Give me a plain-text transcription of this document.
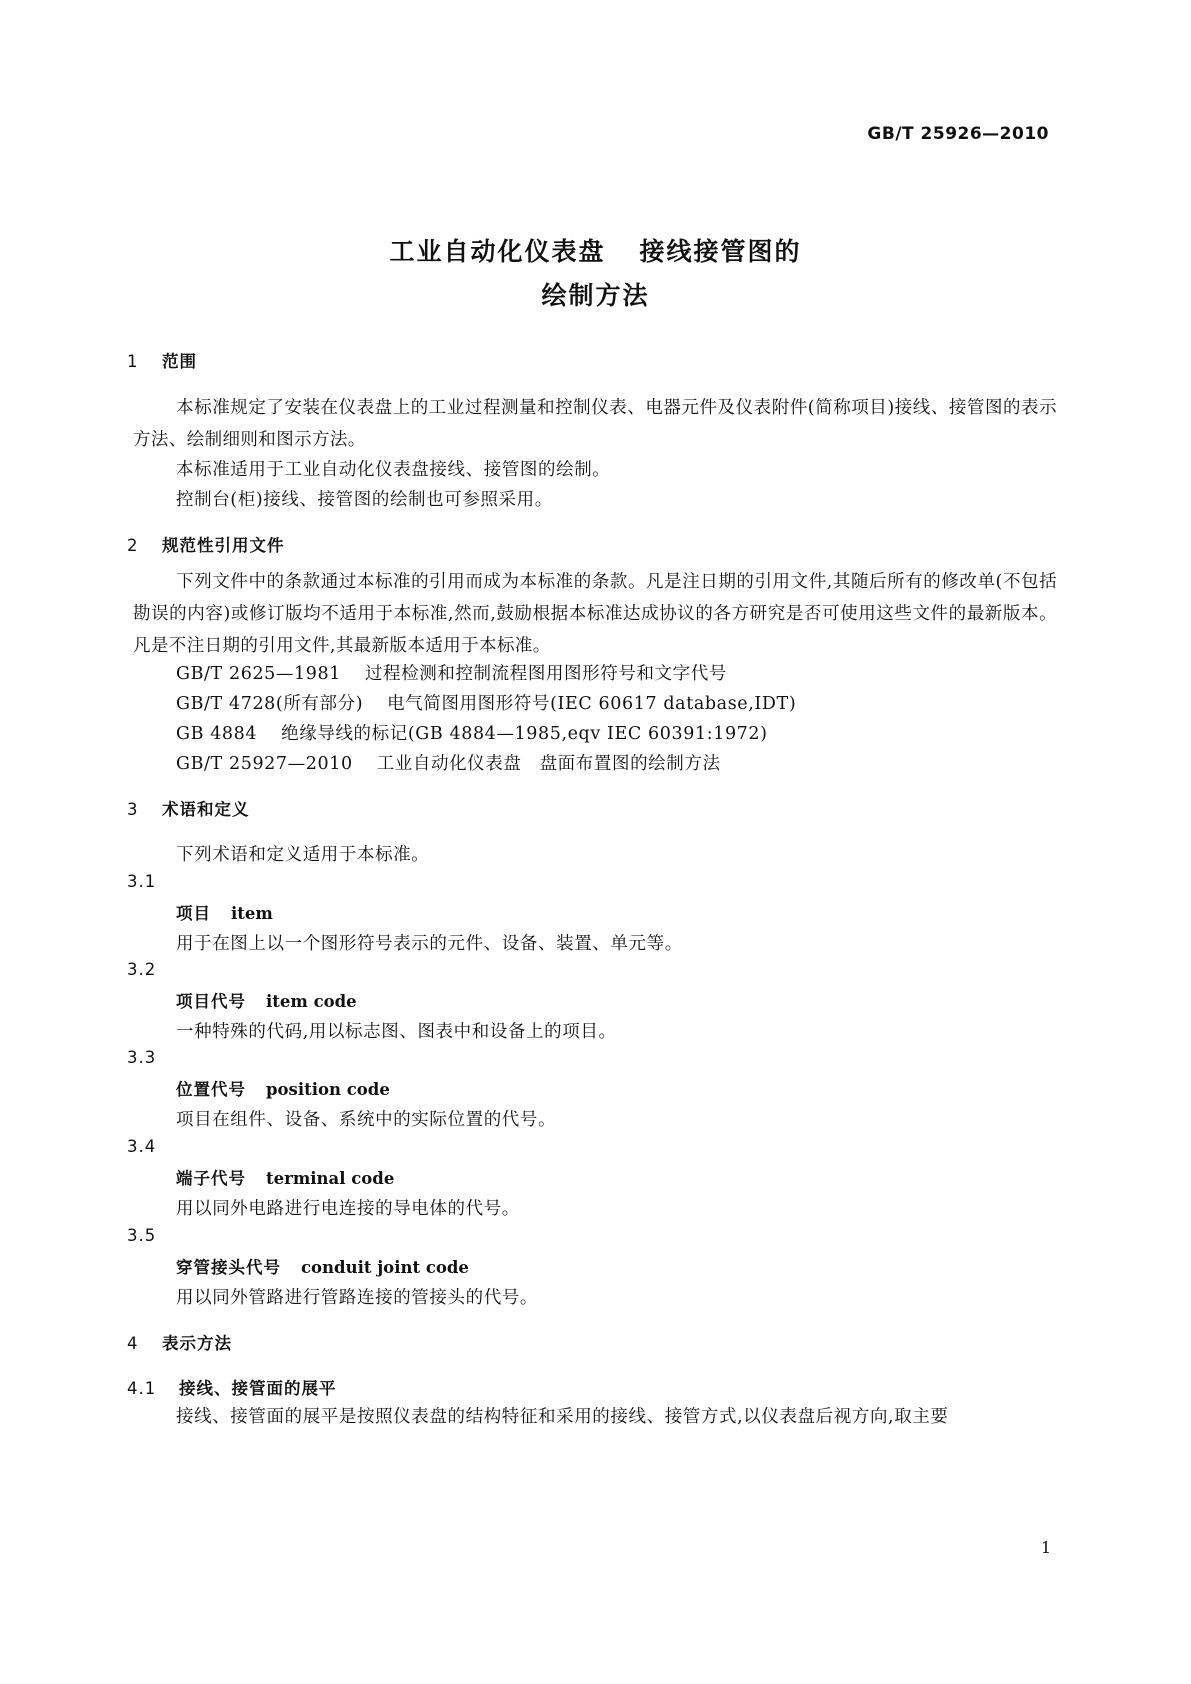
GB/T 25926—2010
工业自动化仪表盘 接线接管图的
绘制方法
1 范围
本标准规定了安装在仪表盘上的工业过程测量和控制仪表、电器元件及仪表附件(简称项目)接线、接管图的表示方法、绘制细则和图示方法。
本标准适用于工业自动化仪表盘接线、接管图的绘制。
控制台(柜)接线、接管图的绘制也可参照采用。
2 规范性引用文件
下列文件中的条款通过本标准的引用而成为本标准的条款。凡是注日期的引用文件,其随后所有的修改单(不包括勘误的内容)或修订版均不适用于本标准,然而,鼓励根据本标准达成协议的各方研究是否可使用这些文件的最新版本。凡是不注日期的引用文件,其最新版本适用于本标准。
GB/T 2625—1981 过程检测和控制流程图用图形符号和文字代号
GB/T 4728(所有部分) 电气简图用图形符号(IEC 60617 database,IDT)
GB 4884 绝缘导线的标记(GB 4884—1985,eqv IEC 60391:1972)
GB/T 25927—2010 工业自动化仪表盘　盘面布置图的绘制方法
3 术语和定义
下列术语和定义适用于本标准。
3.1
项目 item
用于在图上以一个图形符号表示的元件、设备、装置、单元等。
3.2
项目代号 item code
一种特殊的代码,用以标志图、图表中和设备上的项目。
3.3
位置代号 position code
项目在组件、设备、系统中的实际位置的代号。
3.4
端子代号 terminal code
用以同外电路进行电连接的导电体的代号。
3.5
穿管接头代号 conduit joint code
用以同外管路进行管路连接的管接头的代号。
4 表示方法
4.1 接线、接管面的展平
接线、接管面的展平是按照仪表盘的结构特征和采用的接线、接管方式,以仪表盘后视方向,取主要
1
